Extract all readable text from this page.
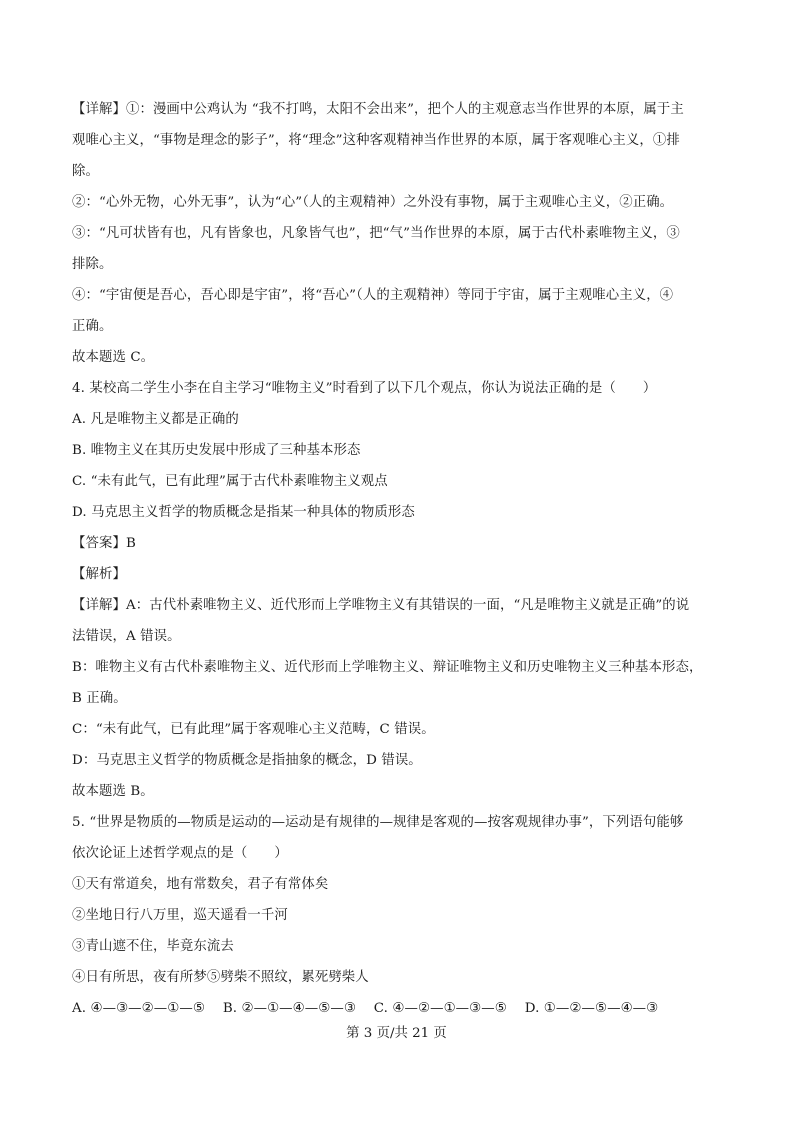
【详解】①：漫画中公鸡认为 “我不打鸣，太阳不会出来”，把个人的主观意志当作世界的本原，属于主
观唯心主义，“事物是理念的影子”，将“理念”这种客观精神当作世界的本原，属于客观唯心主义，①排
除。
②：“心外无物，心外无事”，认为“心”（人的主观精神）之外没有事物，属于主观唯心主义，②正确。
③：“凡可状皆有也，凡有皆象也，凡象皆气也”，把“气”当作世界的本原，属于古代朴素唯物主义，③
排除。
④：“宇宙便是吾心，吾心即是宇宙”，将“吾心”（人的主观精神）等同于宇宙，属于主观唯心主义，④
正确。
故本题选 C。
4. 某校高二学生小李在自主学习“唯物主义”时看到了以下几个观点，你认为说法正确的是（　　）
A. 凡是唯物主义都是正确的
B. 唯物主义在其历史发展中形成了三种基本形态
C. “未有此气，已有此理”属于古代朴素唯物主义观点
D. 马克思主义哲学的物质概念是指某一种具体的物质形态
【答案】B
【解析】
【详解】A：古代朴素唯物主义、近代形而上学唯物主义有其错误的一面，“凡是唯物主义就是正确”的说
法错误，A 错误。
B：唯物主义有古代朴素唯物主义、近代形而上学唯物主义、辩证唯物主义和历史唯物主义三种基本形态，
B 正确。
C：“未有此气，已有此理”属于客观唯心主义范畴，C 错误。
D：马克思主义哲学的物质概念是指抽象的概念，D 错误。
故本题选 B。
5. “世界是物质的—物质是运动的—运动是有规律的—规律是客观的—按客观规律办事”，下列语句能够
依次论证上述哲学观点的是（　　）
①天有常道矣，地有常数矣，君子有常体矣
②坐地日行八万里，巡天遥看一千河
③青山遮不住，毕竟东流去
④日有所思，夜有所梦⑤劈柴不照纹，累死劈柴人
A. ④—③—②—①—⑤　 B. ②—①—④—⑤—③　 C. ④—②—①—③—⑤　 D. ①—②—⑤—④—③
第 3 页/共 21 页
